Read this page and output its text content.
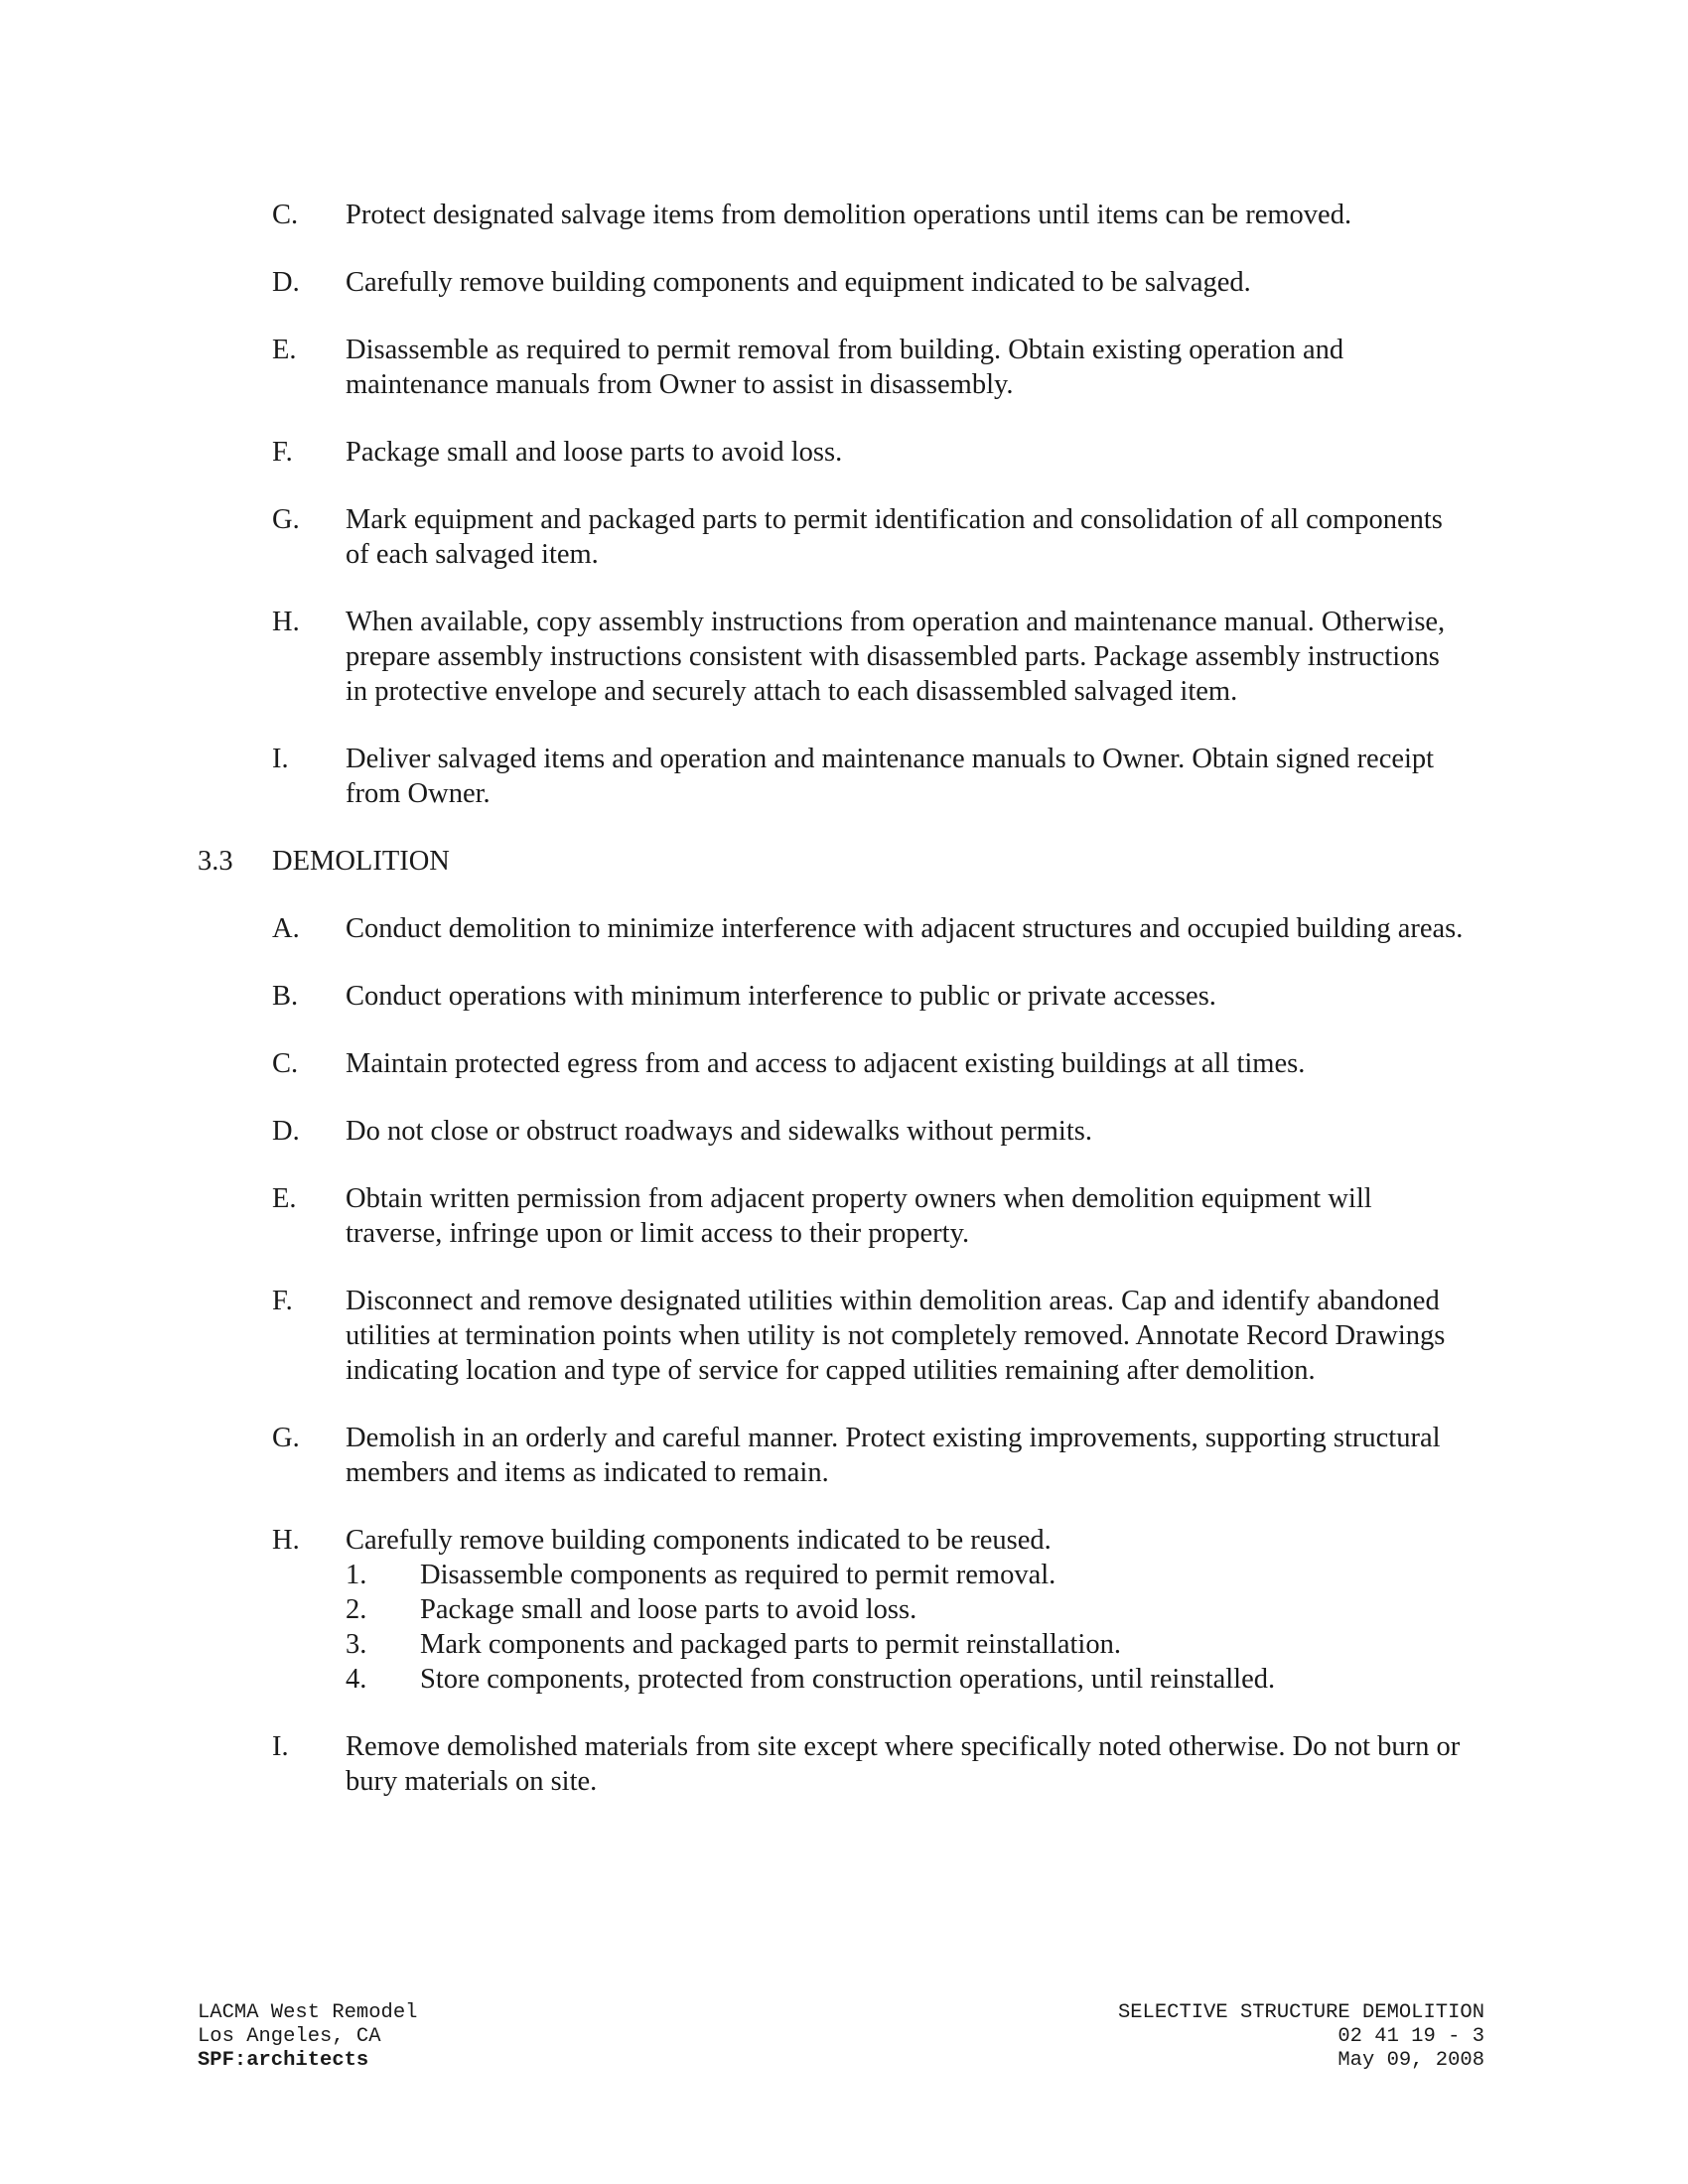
C. Protect designated salvage items from demolition operations until items can be removed.
D. Carefully remove building components and equipment indicated to be salvaged.
E. Disassemble as required to permit removal from building. Obtain existing operation and maintenance manuals from Owner to assist in disassembly.
F. Package small and loose parts to avoid loss.
G. Mark equipment and packaged parts to permit identification and consolidation of all components of each salvaged item.
H. When available, copy assembly instructions from operation and maintenance manual. Otherwise, prepare assembly instructions consistent with disassembled parts. Package assembly instructions in protective envelope and securely attach to each disassembled salvaged item.
I. Deliver salvaged items and operation and maintenance manuals to Owner. Obtain signed receipt from Owner.
3.3 DEMOLITION
A. Conduct demolition to minimize interference with adjacent structures and occupied building areas.
B. Conduct operations with minimum interference to public or private accesses.
C. Maintain protected egress from and access to adjacent existing buildings at all times.
D. Do not close or obstruct roadways and sidewalks without permits.
E. Obtain written permission from adjacent property owners when demolition equipment will traverse, infringe upon or limit access to their property.
F. Disconnect and remove designated utilities within demolition areas. Cap and identify abandoned utilities at termination points when utility is not completely removed. Annotate Record Drawings indicating location and type of service for capped utilities remaining after demolition.
G. Demolish in an orderly and careful manner. Protect existing improvements, supporting structural members and items as indicated to remain.
H. Carefully remove building components indicated to be reused.
1. Disassemble components as required to permit removal.
2. Package small and loose parts to avoid loss.
3. Mark components and packaged parts to permit reinstallation.
4. Store components, protected from construction operations, until reinstalled.
I. Remove demolished materials from site except where specifically noted otherwise. Do not burn or bury materials on site.
LACMA West Remodel
Los Angeles, CA
SPF:architects
SELECTIVE STRUCTURE DEMOLITION
02 41 19 - 3
May 09, 2008
